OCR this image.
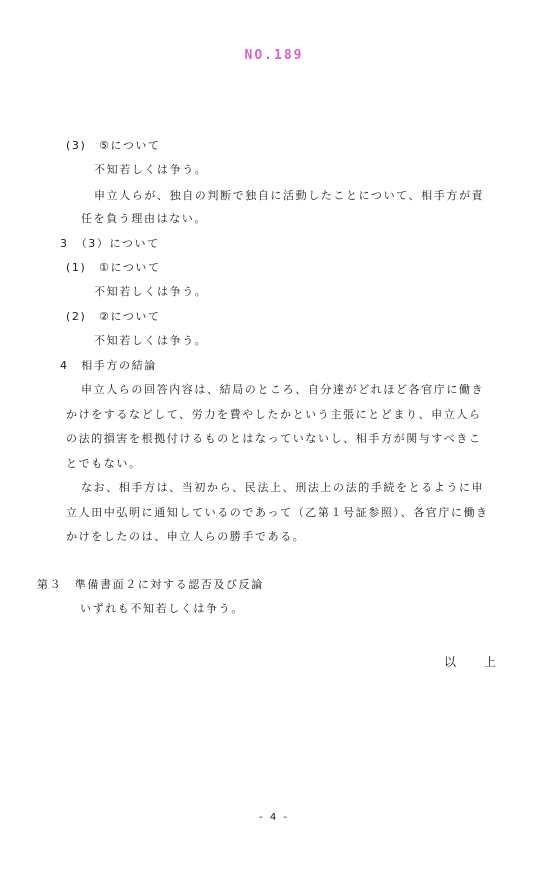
NO.189
(3)　⑤について
不知若しくは争う。
申立人らが、独自の判断で独自に活動したことについて、相手方が責
任を負う理由はない。
3　（3）について
(1)　①について
不知若しくは争う。
(2)　②について
不知若しくは争う。
4　相手方の結論
申立人らの回答内容は、結局のところ、自分達がどれほど各官庁に働き
かけをするなどして、労力を費やしたかという主張にとどまり、申立人ら
の法的損害を根拠付けるものとはなっていないし、相手方が関与すべきこ
とでもない。
なお、相手方は、当初から、民法上、刑法上の法的手続をとるように申
立人田中弘明に通知しているのであって（乙第１号証参照）、各官庁に働き
かけをしたのは、申立人らの勝手である。
第３　準備書面２に対する認否及び反論
いずれも不知若しくは争う。
以 上
- 4 -
